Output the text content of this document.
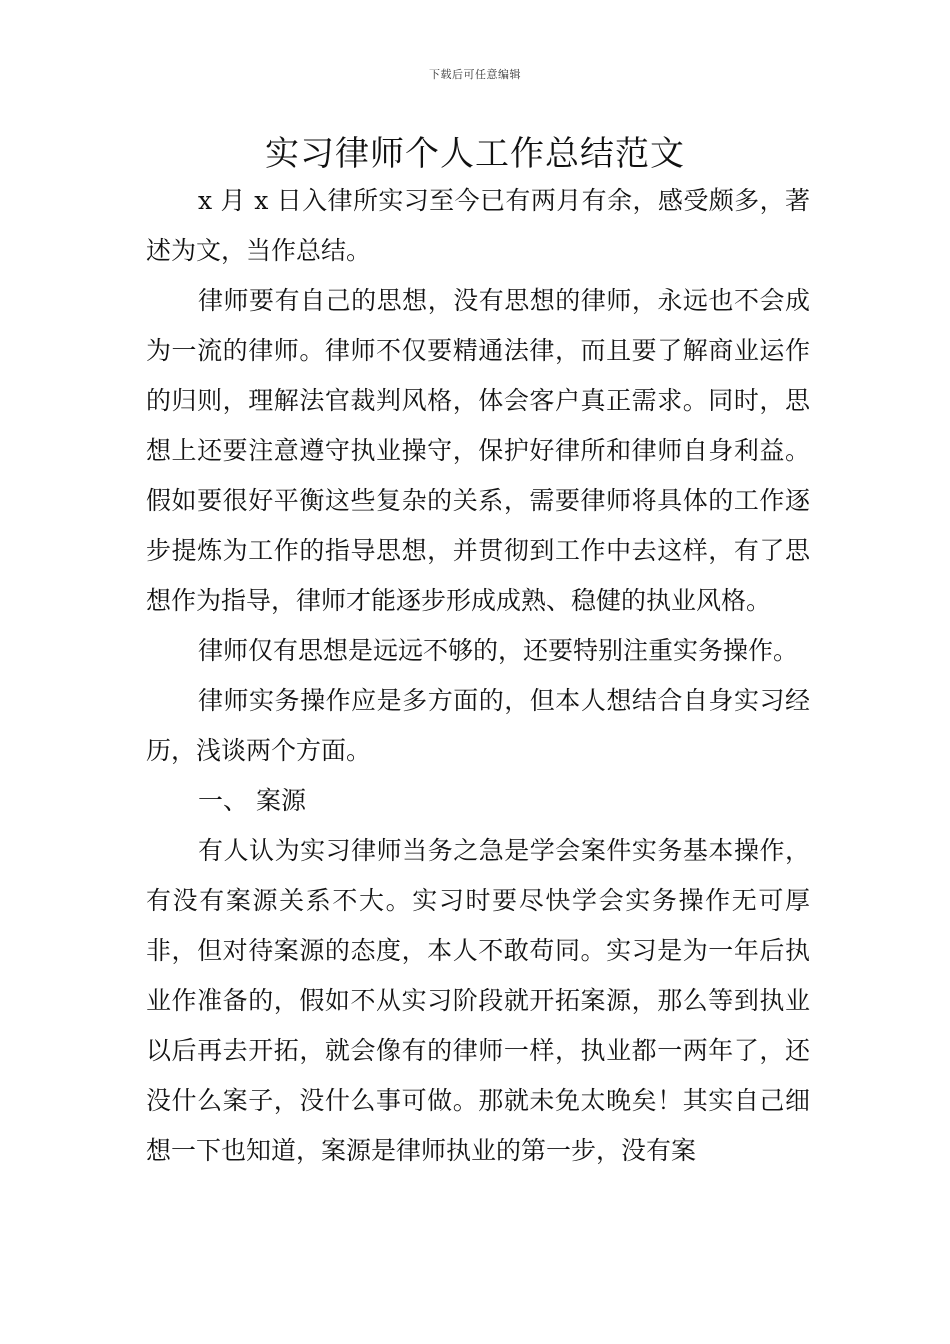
下载后可任意编辑
实习律师个人工作总结范文

x 月 x 日入律所实习至今已有两月有余，感受颇多，著述为文，当作总结。

律师要有自己的思想，没有思想的律师，永远也不会成为一流的律师。律师不仅要精通法律，而且要了解商业运作的归则，理解法官裁判风格，体会客户真正需求。同时，思想上还要注意遵守执业操守，保护好律所和律师自身利益。假如要很好平衡这些复杂的关系，需要律师将具体的工作逐步提炼为工作的指导思想，并贯彻到工作中去这样，有了思想作为指导，律师才能逐步形成成熟、稳健的执业风格。

律师仅有思想是远远不够的，还要特别注重实务操作。

律师实务操作应是多方面的，但本人想结合自身实习经历，浅谈两个方面。

一、 案源

有人认为实习律师当务之急是学会案件实务基本操作，有没有案源关系不大。实习时要尽快学会实务操作无可厚非，但对待案源的态度，本人不敢苟同。实习是为一年后执业作准备的，假如不从实习阶段就开拓案源，那么等到执业以后再去开拓，就会像有的律师一样，执业都一两年了，还没什么案子，没什么事可做。那就未免太晚矣！其实自己细想一下也知道，案源是律师执业的第一步，没有案
